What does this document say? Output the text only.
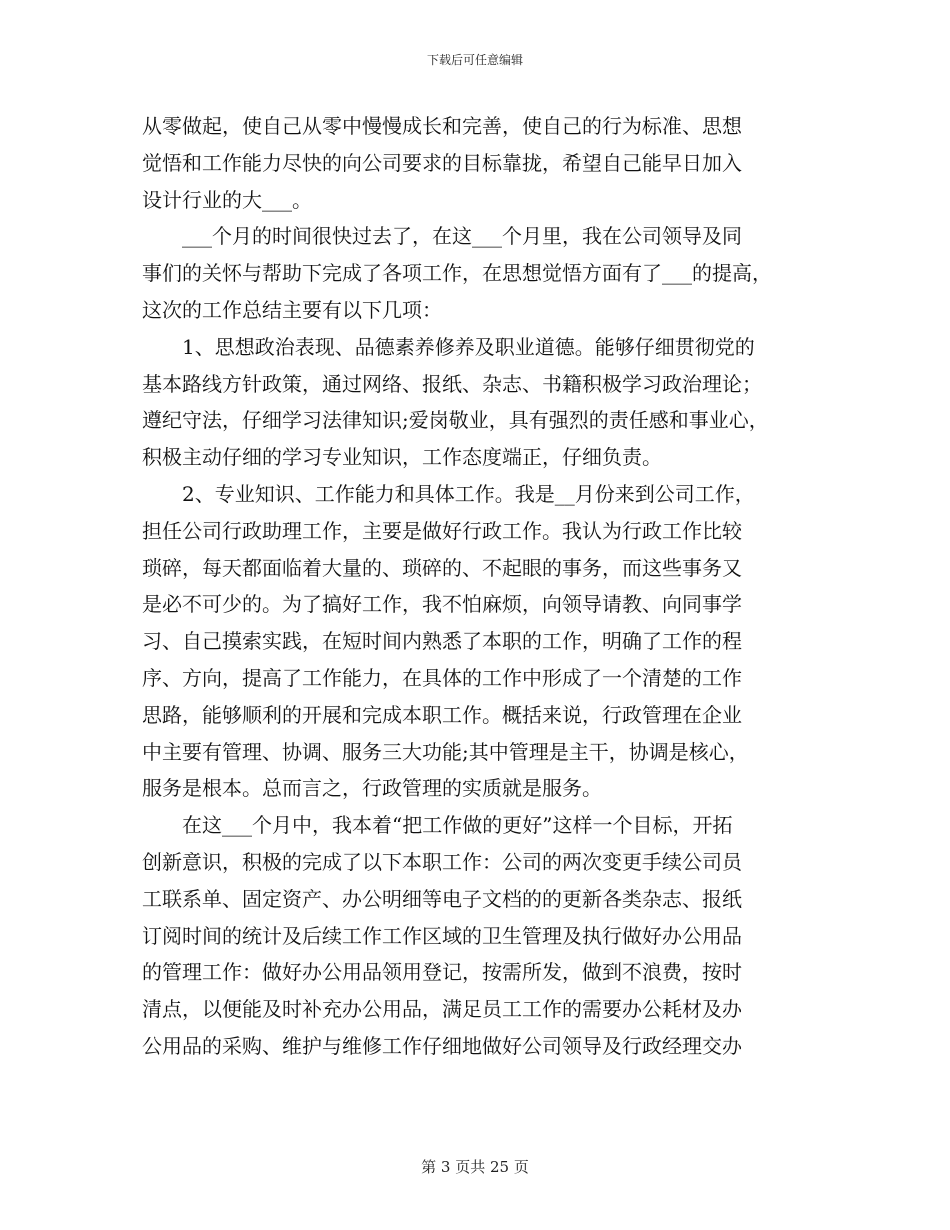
下载后可任意编辑
从零做起，使自己从零中慢慢成长和完善，使自己的行为标准、思想
觉悟和工作能力尽快的向公司要求的目标靠拢，希望自己能早日加入
设计行业的大___。
___个月的时间很快过去了，在这___个月里，我在公司领导及同
事们的关怀与帮助下完成了各项工作，在思想觉悟方面有了___的提高，
这次的工作总结主要有以下几项：
1、思想政治表现、品德素养修养及职业道德。能够仔细贯彻党的
基本路线方针政策，通过网络、报纸、杂志、书籍积极学习政治理论；
遵纪守法，仔细学习法律知识;爱岗敬业，具有强烈的责任感和事业心，
积极主动仔细的学习专业知识，工作态度端正，仔细负责。
2、专业知识、工作能力和具体工作。我是__月份来到公司工作，
担任公司行政助理工作，主要是做好行政工作。我认为行政工作比较
琐碎，每天都面临着大量的、琐碎的、不起眼的事务，而这些事务又
是必不可少的。为了搞好工作，我不怕麻烦，向领导请教、向同事学
习、自己摸索实践，在短时间内熟悉了本职的工作，明确了工作的程
序、方向，提高了工作能力，在具体的工作中形成了一个清楚的工作
思路，能够顺利的开展和完成本职工作。概括来说，行政管理在企业
中主要有管理、协调、服务三大功能;其中管理是主干，协调是核心，
服务是根本。总而言之，行政管理的实质就是服务。
在这___个月中，我本着“把工作做的更好”这样一个目标，开拓
创新意识，积极的完成了以下本职工作：公司的两次变更手续公司员
工联系单、固定资产、办公明细等电子文档的的更新各类杂志、报纸
订阅时间的统计及后续工作工作区域的卫生管理及执行做好办公用品
的管理工作：做好办公用品领用登记，按需所发，做到不浪费，按时
清点，以便能及时补充办公用品，满足员工工作的需要办公耗材及办
公用品的采购、维护与维修工作仔细地做好公司领导及行政经理交办
第 3 页共 25 页
